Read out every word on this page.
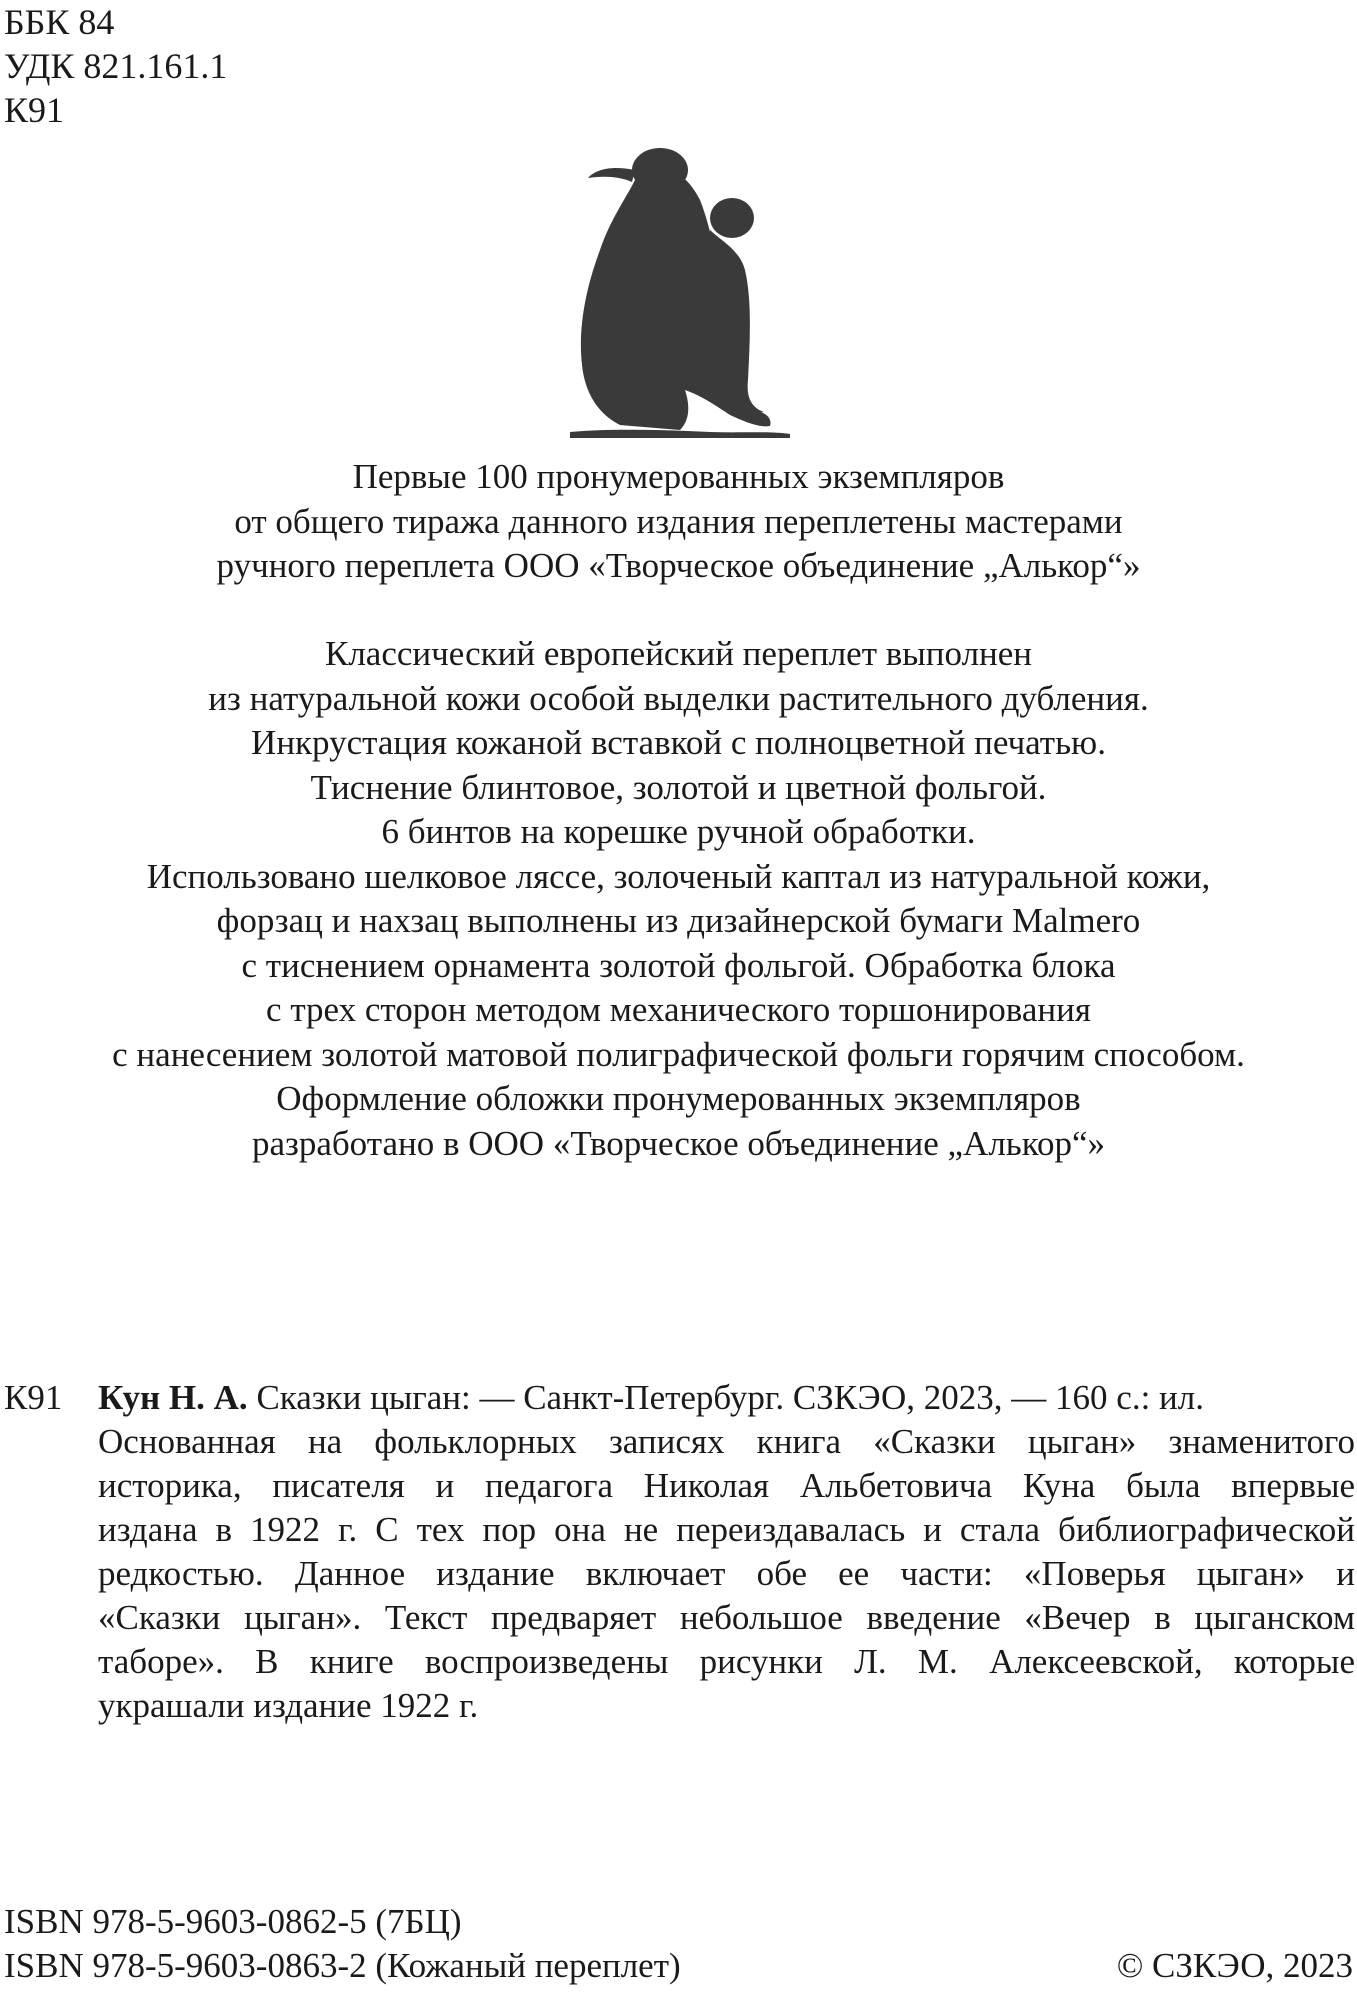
ББК 84
УДК 821.161.1
К91
Первые 100 пронумерованных экземпляров
от общего тиража данного издания переплетены мастерами
ручного переплета ООО «Творческое объединение „Алькор“»
Классический европейский переплет выполнен
из натуральной кожи особой выделки растительного дубления.
Инкрустация кожаной вставкой с полноцветной печатью.
Тиснение блинтовое, золотой и цветной фольгой.
6 бинтов на корешке ручной обработки.
Использовано шелковое ляссе, золоченый каптал из натуральной кожи,
форзац и нахзац выполнены из дизайнерской бумаги Malmero
с тиснением орнамента золотой фольгой. Обработка блока
с трех сторон методом механического торшонирования
с нанесением золотой матовой полиграфической фольги горячим способом.
Оформление обложки пронумерованных экземпляров
разработано в ООО «Творческое объединение „Алькор“»
К91 Кун Н. А. Сказки цыган: — Санкт-Петербург. СЗКЭО, 2023, — 160 с.: ил.
Основанная на фольклорных записях книга «Сказки цыган» знаменитого
историка, писателя и педагога Николая Альбетовича Куна была впервые
издана в 1922 г. С тех пор она не переиздавалась и стала библиографической
редкостью. Данное издание включает обе ее части: «Поверья цыган» и
«Сказки цыган». Текст предваряет небольшое введение «Вечер в цыганском
таборе». В книге воспроизведены рисунки Л. М. Алексеевской, которые
украшали издание 1922 г.
ISBN 978-5-9603-0862-5 (7БЦ)
ISBN 978-5-9603-0863-2 (Кожаный переплет)	© СЗКЭО, 2023
